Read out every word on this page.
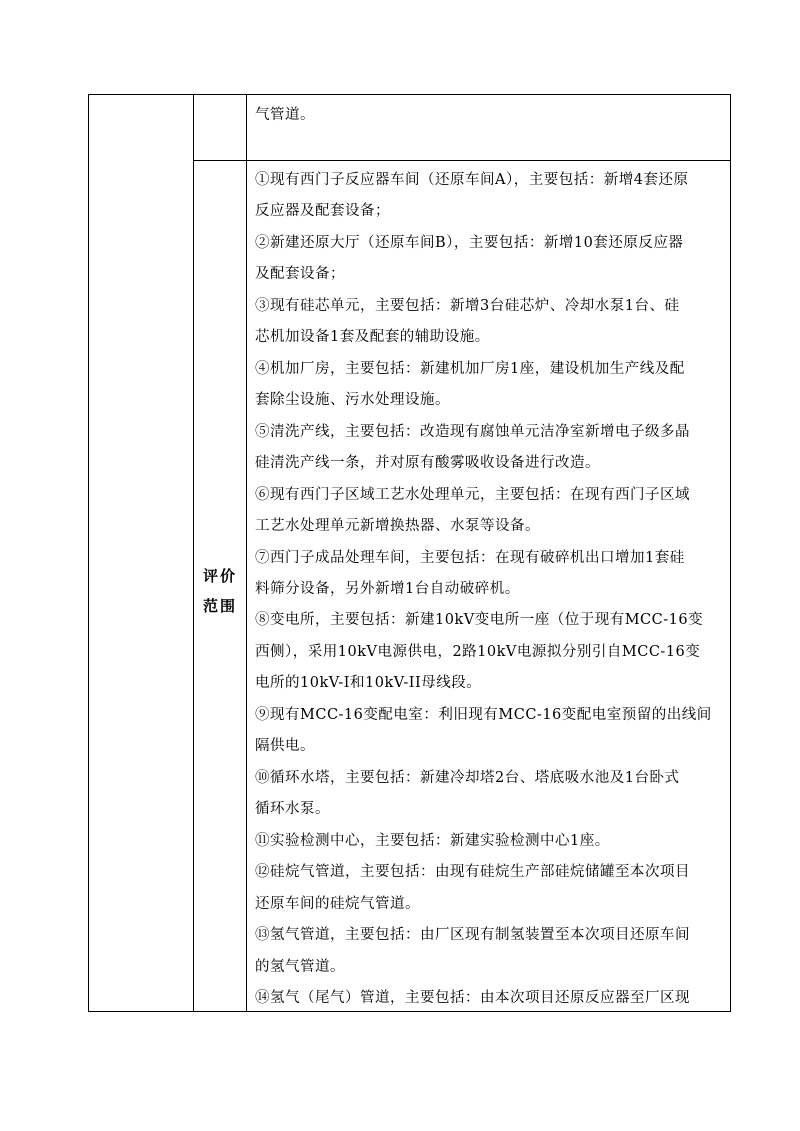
气管道。
评价
范围
①现有西门子反应器车间（还原车间A），主要包括：新增4套还原
反应器及配套设备；
②新建还原大厅（还原车间B），主要包括：新增10套还原反应器
及配套设备；
③现有硅芯单元，主要包括：新增3台硅芯炉、冷却水泵1台、硅
芯机加设备1套及配套的辅助设施。
④机加厂房，主要包括：新建机加厂房1座，建设机加生产线及配
套除尘设施、污水处理设施。
⑤清洗产线，主要包括：改造现有腐蚀单元洁净室新增电子级多晶
硅清洗产线一条，并对原有酸雾吸收设备进行改造。
⑥现有西门子区域工艺水处理单元，主要包括：在现有西门子区域
工艺水处理单元新增换热器、水泵等设备。
⑦西门子成品处理车间，主要包括：在现有破碎机出口增加1套硅
料筛分设备，另外新增1台自动破碎机。
⑧变电所，主要包括：新建10kV变电所一座（位于现有MCC-16变
西侧），采用10kV电源供电，2路10kV电源拟分别引自MCC-16变
电所的10kV-I和10kV-II母线段。
⑨现有MCC-16变配电室：利旧现有MCC-16变配电室预留的出线间
隔供电。
⑩循环水塔，主要包括：新建冷却塔2台、塔底吸水池及1台卧式
循环水泵。
⑪实验检测中心，主要包括：新建实验检测中心1座。
⑫硅烷气管道，主要包括：由现有硅烷生产部硅烷储罐至本次项目
还原车间的硅烷气管道。
⑬氢气管道，主要包括：由厂区现有制氢装置至本次项目还原车间
的氢气管道。
⑭氢气（尾气）管道，主要包括：由本次项目还原反应器至厂区现
